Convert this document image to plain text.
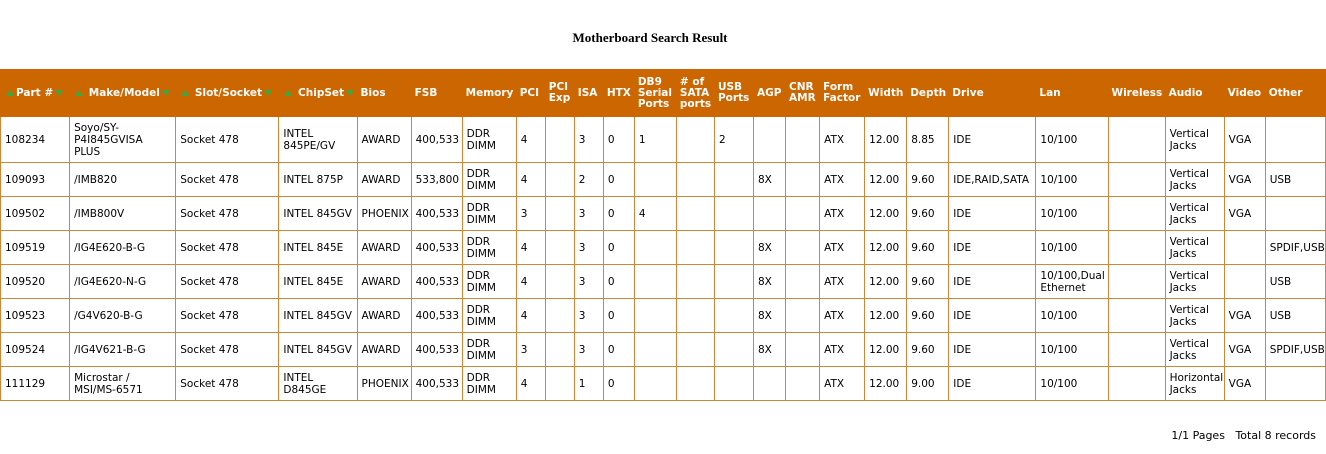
Motherboard Search Result
Part #	Make/Model	Slot/Socket	ChipSet	Bios	FSB	Memory	PCI	PCI Exp	ISA	HTX	DB9 Serial Ports	# of SATA ports	USB Ports	AGP	CNR AMR	Form Factor	Width	Depth	Drive	Lan	Wireless	Audio	Video	Other
108234	Soyo/SY-P4I845GVISA PLUS	Socket 478	INTEL 845PE/GV	AWARD	400,533	DDR DIMM	4		3	0	1		2			ATX	12.00	8.85	IDE	10/100		Vertical Jacks	VGA	
109093	/IMB820	Socket 478	INTEL 875P	AWARD	533,800	DDR DIMM	4		2	0				8X		ATX	12.00	9.60	IDE,RAID,SATA	10/100		Vertical Jacks	VGA	USB
109502	/IMB800V	Socket 478	INTEL 845GV	PHOENIX	400,533	DDR DIMM	3		3	0	4					ATX	12.00	9.60	IDE	10/100		Vertical Jacks	VGA	
109519	/IG4E620-B-G	Socket 478	INTEL 845E	AWARD	400,533	DDR DIMM	4		3	0				8X		ATX	12.00	9.60	IDE	10/100		Vertical Jacks		SPDIF,USB
109520	/IG4E620-N-G	Socket 478	INTEL 845E	AWARD	400,533	DDR DIMM	4		3	0				8X		ATX	12.00	9.60	IDE	10/100,Dual Ethernet		Vertical Jacks		USB
109523	/G4V620-B-G	Socket 478	INTEL 845GV	AWARD	400,533	DDR DIMM	4		3	0				8X		ATX	12.00	9.60	IDE	10/100		Vertical Jacks	VGA	USB
109524	/IG4V621-B-G	Socket 478	INTEL 845GV	AWARD	400,533	DDR DIMM	3		3	0				8X		ATX	12.00	9.60	IDE	10/100		Vertical Jacks	VGA	SPDIF,USB
111129	Microstar / MSI/MS-6571	Socket 478	INTEL D845GE	PHOENIX	400,533	DDR DIMM	4		1	0						ATX	12.00	9.00	IDE	10/100		Horizontal Jacks	VGA	
1/1 Pages Total 8 records
